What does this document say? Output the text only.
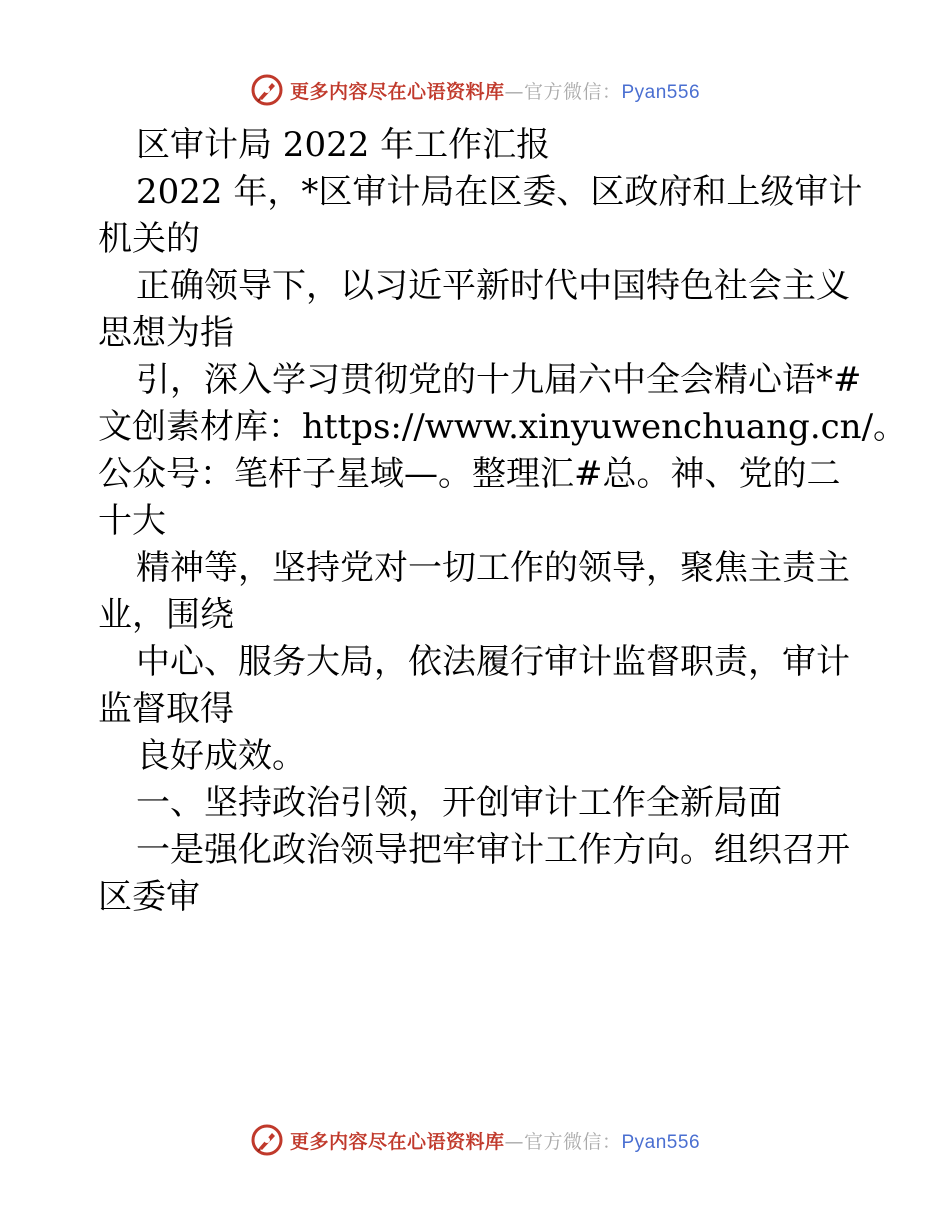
更多内容尽在心语资料库—官方微信：Pyan556
区审计局 2022 年工作汇报
2022 年，*区审计局在区委、区政府和上级审计
机关的
正确领导下，以习近平新时代中国特色社会主义
思想为指
引，深入学习贯彻党的十九届六中全会精心语*#
文创素材库：https://www.xinyuwenchuang.cn/。
公众号：笔杆子星域—。整理汇#总。神、党的二
十大
精神等，坚持党对一切工作的领导，聚焦主责主
业，围绕
中心、服务大局，依法履行审计监督职责，审计
监督取得
良好成效。
一、坚持政治引领，开创审计工作全新局面
一是强化政治领导把牢审计工作方向。组织召开
区委审
更多内容尽在心语资料库—官方微信：Pyan556
